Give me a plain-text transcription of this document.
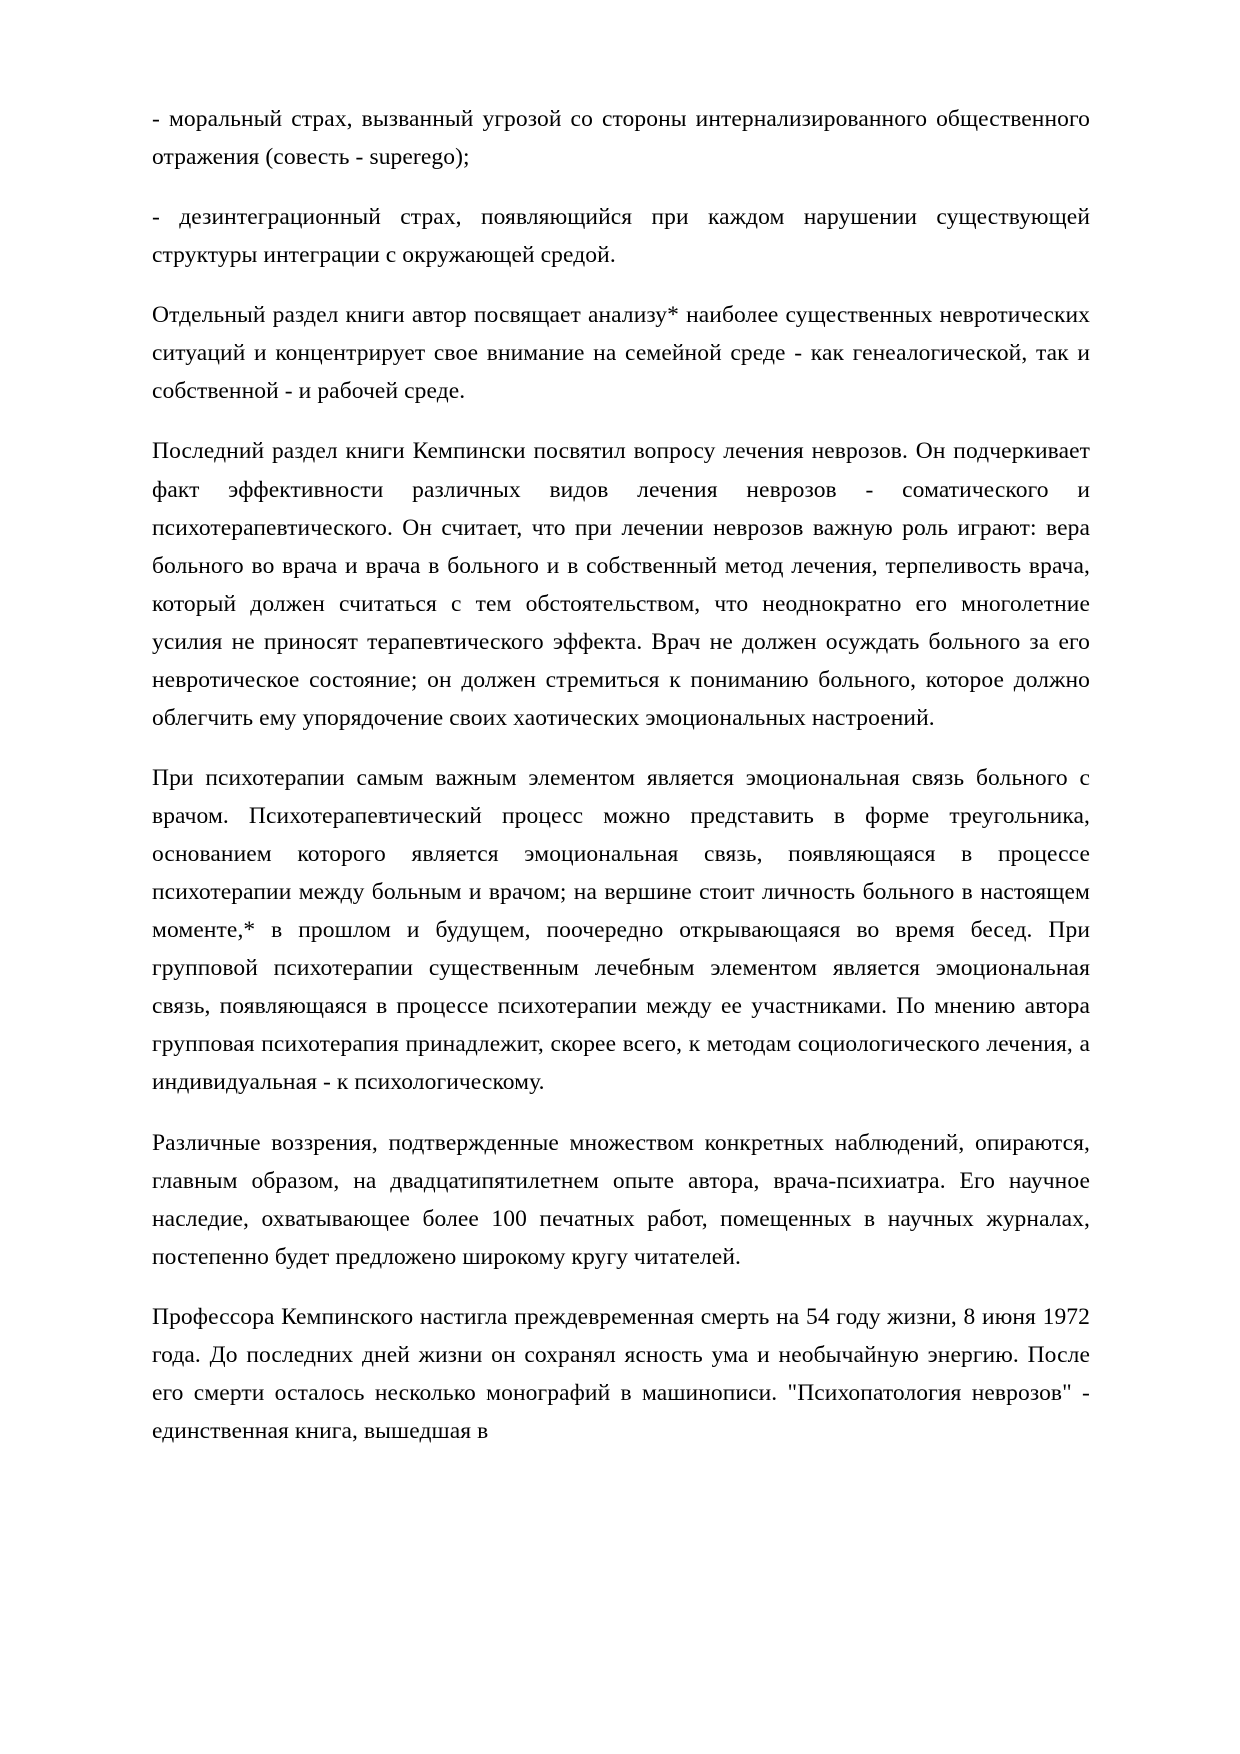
- моральный страх, вызванный угрозой со стороны интернализированного общественного отражения (совесть - superego);

- дезинтеграционный страх, появляющийся при каждом нарушении существующей структуры интеграции с окружающей средой.

Отдельный раздел книги автор посвящает анализу* наиболее существенных невротических ситуаций и концентрирует свое внимание на семейной среде - как генеалогической, так и собственной - и рабочей среде.

Последний раздел книги Кемпински посвятил вопросу лечения неврозов. Он подчеркивает факт эффективности различных видов лечения неврозов - соматического и психотерапевтического. Он считает, что при лечении неврозов важную роль играют: вера больного во врача и врача в больного и в собственный метод лечения, терпеливость врача, который должен считаться с тем обстоятельством, что неоднократно его многолетние усилия не приносят терапевтического эффекта. Врач не должен осуждать больного за его невротическое состояние; он должен стремиться к пониманию больного, которое должно облегчить ему упорядочение своих хаотических эмоциональных настроений.

При психотерапии самым важным элементом является эмоциональная связь больного с врачом. Психотерапевтический процесс можно представить в форме треугольника, основанием которого является эмоциональная связь, появляющаяся в процессе психотерапии между больным и врачом; на вершине стоит личность больного в настоящем моменте,* в прошлом и будущем, поочередно открывающаяся во время бесед. При групповой психотерапии существенным лечебным элементом является эмоциональная связь, появляющаяся в процессе психотерапии между ее участниками. По мнению автора групповая психотерапия принадлежит, скорее всего, к методам социологического лечения, а индивидуальная - к психологическому.

Различные воззрения, подтвержденные множеством конкретных наблюдений, опираются, главным образом, на двадцатипятилетнем опыте автора, врача-психиатра. Его научное наследие, охватывающее более 100 печатных работ, помещенных в научных журналах, постепенно будет предложено широкому кругу читателей.

Профессора Кемпинского настигла преждевременная смерть на 54 году жизни, 8 июня 1972 года. До последних дней жизни он сохранял ясность ума и необычайную энергию. После его смерти осталось несколько монографий в машинописи. "Психопатология неврозов" - единственная книга, вышедшая в
